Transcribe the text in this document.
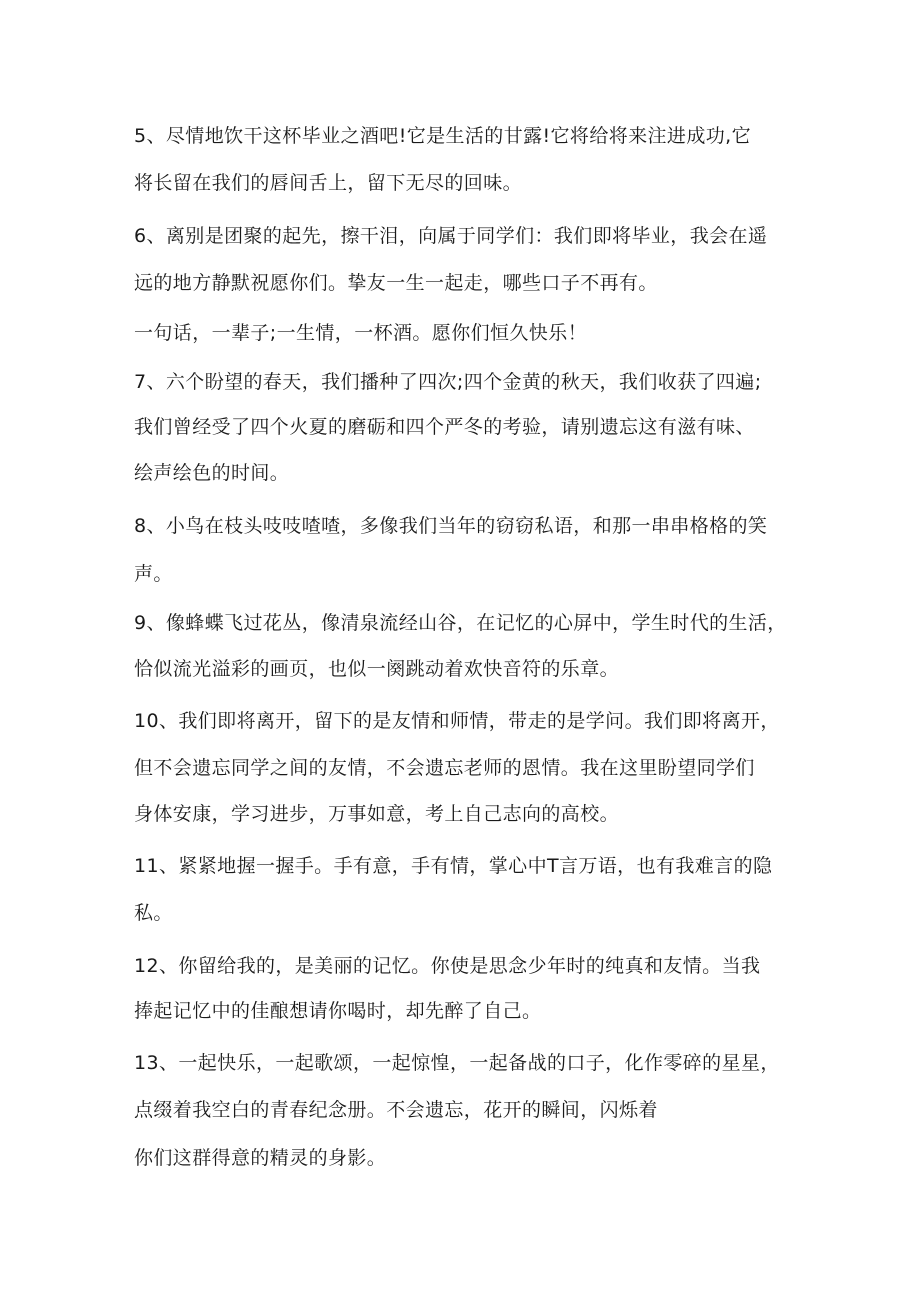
5、尽情地饮干这杯毕业之酒吧!它是生活的甘露!它将给将来注进成功,它

将长留在我们的唇间舌上，留下无尽的回味。

6、离别是团聚的起先，擦干泪，向属于同学们：我们即将毕业，我会在遥

远的地方静默祝愿你们。挚友一生一起走，哪些口子不再有。

一句话，一辈子;一生情，一杯酒。愿你们恒久快乐！

7、六个盼望的春天，我们播种了四次;四个金黄的秋天，我们收获了四遍;

我们曾经受了四个火夏的磨砺和四个严冬的考验，请别遗忘这有滋有味、

绘声绘色的时间。

8、小鸟在枝头吱吱喳喳，多像我们当年的窃窃私语，和那一串串格格的笑

声。

9、像蜂蝶飞过花丛，像清泉流经山谷，在记忆的心屏中，学生时代的生活，

恰似流光溢彩的画页，也似一阕跳动着欢快音符的乐章。

10、我们即将离开，留下的是友情和师情，带走的是学问。我们即将离开，

但不会遗忘同学之间的友情，不会遗忘老师的恩情。我在这里盼望同学们

身体安康，学习进步，万事如意，考上自己志向的高校。

11、紧紧地握一握手。手有意，手有情，掌心中T言万语，也有我难言的隐

私。

12、你留给我的，是美丽的记忆。你使是思念少年时的纯真和友情。当我

捧起记忆中的佳酿想请你喝时，却先醉了自己。

13、一起快乐，一起歌颂，一起惊惶，一起备战的口子，化作零碎的星星，

点缀着我空白的青春纪念册。不会遗忘，花开的瞬间，闪烁着

你们这群得意的精灵的身影。
